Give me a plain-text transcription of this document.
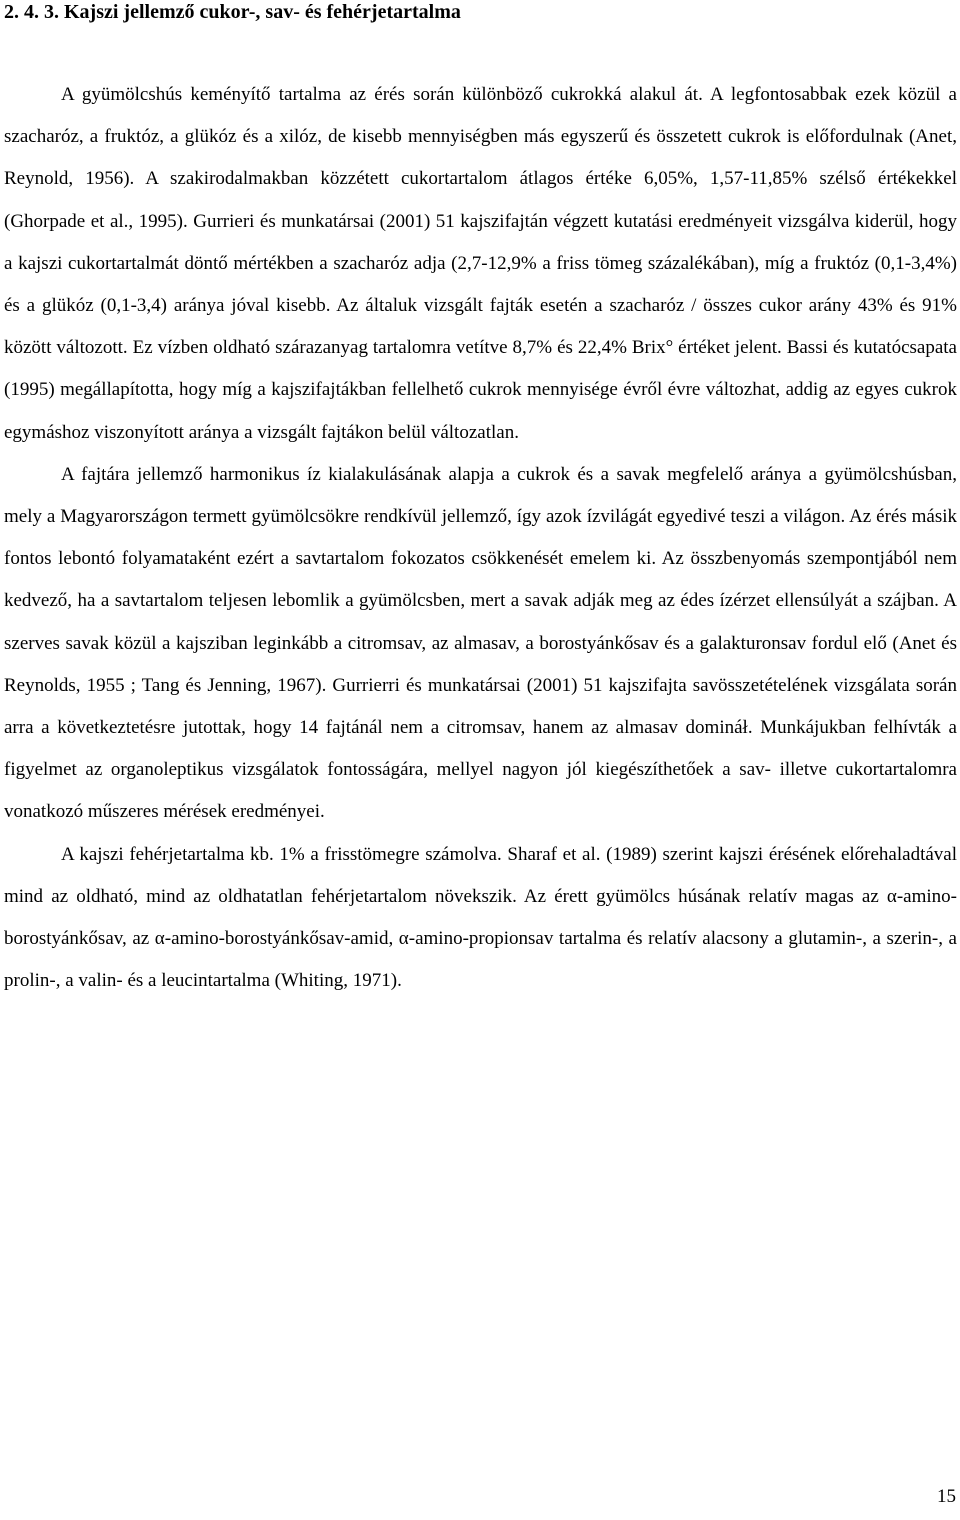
2. 4. 3. Kajszi jellemző cukor-, sav- és fehérjetartalma

A gyümölcshús keményítő tartalma az érés során különböző cukrokká alakul át. A legfontosabbak ezek közül a szacharóz, a fruktóz, a glükóz és a xilóz, de kisebb mennyiségben más egyszerű és összetett cukrok is előfordulnak (Anet, Reynold, 1956). A szakirodalmakban közzétett cukortartalom átlagos értéke 6,05%, 1,57-11,85% szélső értékekkel (Ghorpade et al., 1995). Gurrieri és munkatársai (2001) 51 kajszifajtán végzett kutatási eredményeit vizsgálva kiderül, hogy a kajszi cukortartalmát döntő mértékben a szacharóz adja (2,7-12,9% a friss tömeg százalékában), míg a fruktóz (0,1-3,4%) és a glükóz (0,1-3,4) aránya jóval kisebb. Az általuk vizsgált fajták esetén a szacharóz / összes cukor arány 43% és 91% között változott. Ez vízben oldható szárazanyag tartalomra vetítve 8,7% és 22,4% Brix° értéket jelent. Bassi és kutatócsapata (1995) megállapította, hogy míg a kajszifajtákban fellelhető cukrok mennyisége évről évre változhat, addig az egyes cukrok egymáshoz viszonyított aránya a vizsgált fajtákon belül változatlan.

A fajtára jellemző harmonikus íz kialakulásának alapja a cukrok és a savak megfelelő aránya a gyümölcshúsban, mely a Magyarországon termett gyümölcsökre rendkívül jellemző, így azok ízvilágát egyedivé teszi a világon. Az érés másik fontos lebontó folyamataként ezért a savtartalom fokozatos csökkenését emelem ki. Az összbenyomás szempontjából nem kedvező, ha a savtartalom teljesen lebomlik a gyümölcsben, mert a savak adják meg az édes ízérzet ellensúlyát a szájban. A szerves savak közül a kajsziban leginkább a citromsav, az almasav, a borostyánkősav és a galakturonsav fordul elő (Anet és Reynolds, 1955 ; Tang és Jenning, 1967). Gurrierri és munkatársai (2001) 51 kajszifajta savösszetételének vizsgálata során arra a következtetésre jutottak, hogy 14 fajtánál nem a citromsav, hanem az almasav domináł. Munkájukban felhívták a figyelmet az organoleptikus vizsgálatok fontosságára, mellyel nagyon jól kiegészíthetőek a sav- illetve cukortartalomra vonatkozó műszeres mérések eredményei.

A kajszi fehérjetartalma kb. 1% a frisstömegre számolva. Sharaf et al. (1989) szerint kajszi érésének előrehaladtával mind az oldható, mind az oldhatatlan fehérjetartalom növekszik. Az érett gyümölcs húsának relatív magas az α-amino-borostyánkősav, az α-amino-borostyánkősav-amid, α-amino-propionsav tartalma és relatív alacsony a glutamin-, a szerin-, a prolin-, a valin- és a leucintartalma (Whiting, 1971).

15
